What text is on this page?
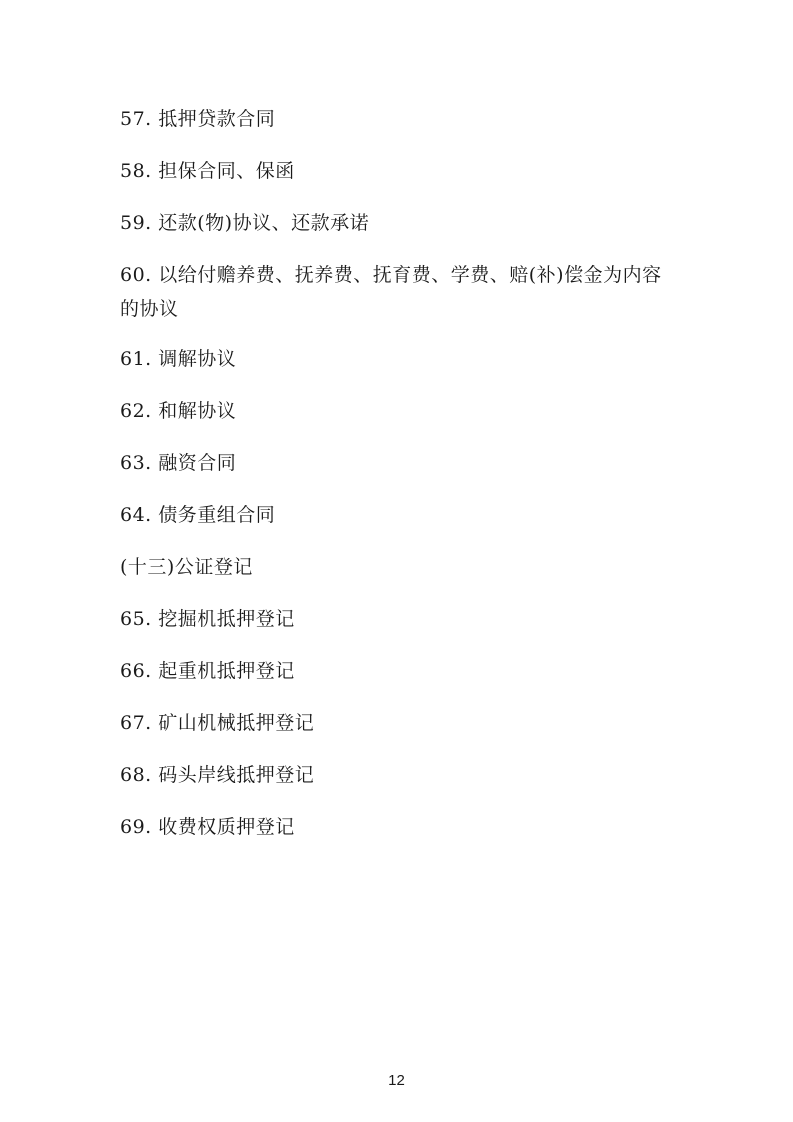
57. 抵押贷款合同

58. 担保合同、保函

59. 还款(物)协议、还款承诺

60. 以给付赡养费、抚养费、抚育费、学费、赔(补)偿金为内容的协议

61. 调解协议

62. 和解协议

63. 融资合同

64. 债务重组合同

(十三)公证登记

65. 挖掘机抵押登记

66. 起重机抵押登记

67. 矿山机械抵押登记

68. 码头岸线抵押登记

69. 收费权质押登记

12
